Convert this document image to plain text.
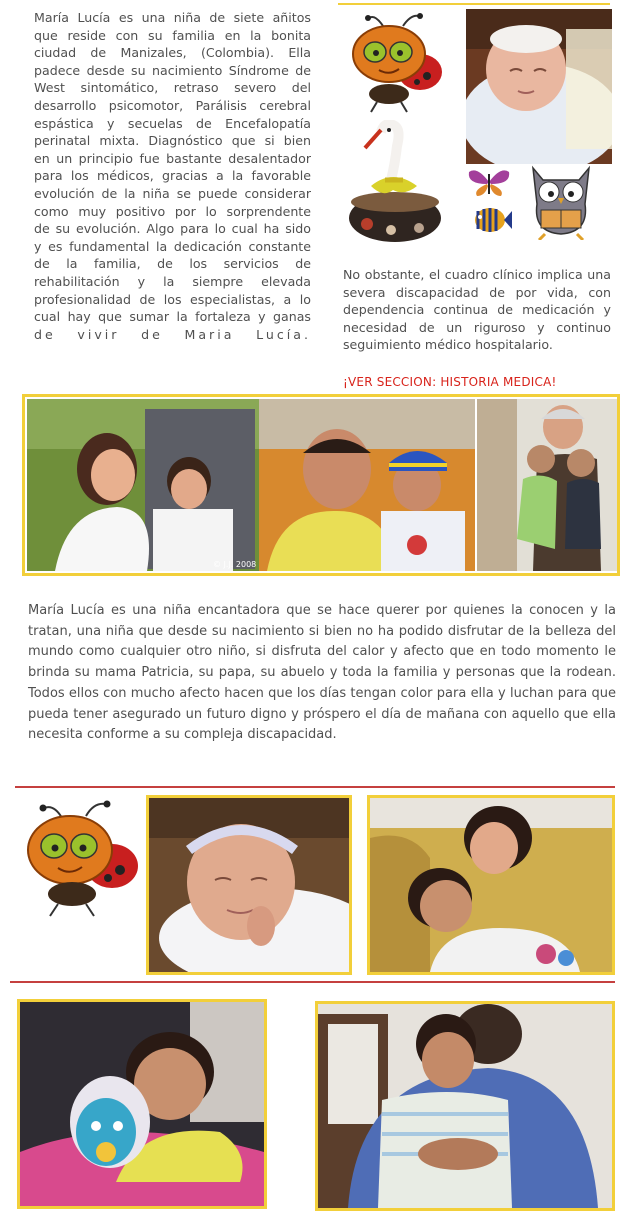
María Lucía es una niña de siete añitos
que reside con su familia en la bonita
ciudad de Manizales, (Colombia). Ella
padece desde su nacimiento Síndrome de
West sintomático, retraso severo del
desarrollo psicomotor, Parálisis cerebral
espástica y secuelas de Encefalopatía
perinatal mixta. Diagnóstico que si bien
en un principio fue bastante desalentador
para los médicos, gracias a la favorable
evolución de la niña se puede considerar
como muy positivo por lo sorprendente
de su evolución. Algo para lo cual ha sido
y es fundamental la dedicación constante
de la familia, de los servicios de
rehabilitación y la siempre elevada
profesionalidad de los especialistas, a lo
cual hay que sumar la fortaleza y ganas
de vivir de Maria Lucía.
No obstante, el cuadro clínico implica una severa discapacidad de por vida, con dependencia continua de medicación y necesidad de un riguroso y continuo seguimiento médico hospitalario.
¡VER SECCION: HISTORIA MEDICA!
© J.J. 2008
María Lucía es una niña encantadora que se hace querer por quienes la conocen y la tratan, una niña que desde su nacimiento si bien no ha podido disfrutar de la belleza del mundo como cualquier otro niño, si disfruta del calor y afecto que en todo momento le brinda su mama Patricia, su papa, su abuelo y toda la familia y personas que la rodean. Todos ellos con mucho afecto hacen que los días tengan color para ella y luchan para que pueda tener asegurado un futuro digno y próspero el día de mañana con aquello que ella necesita conforme a su compleja discapacidad.
